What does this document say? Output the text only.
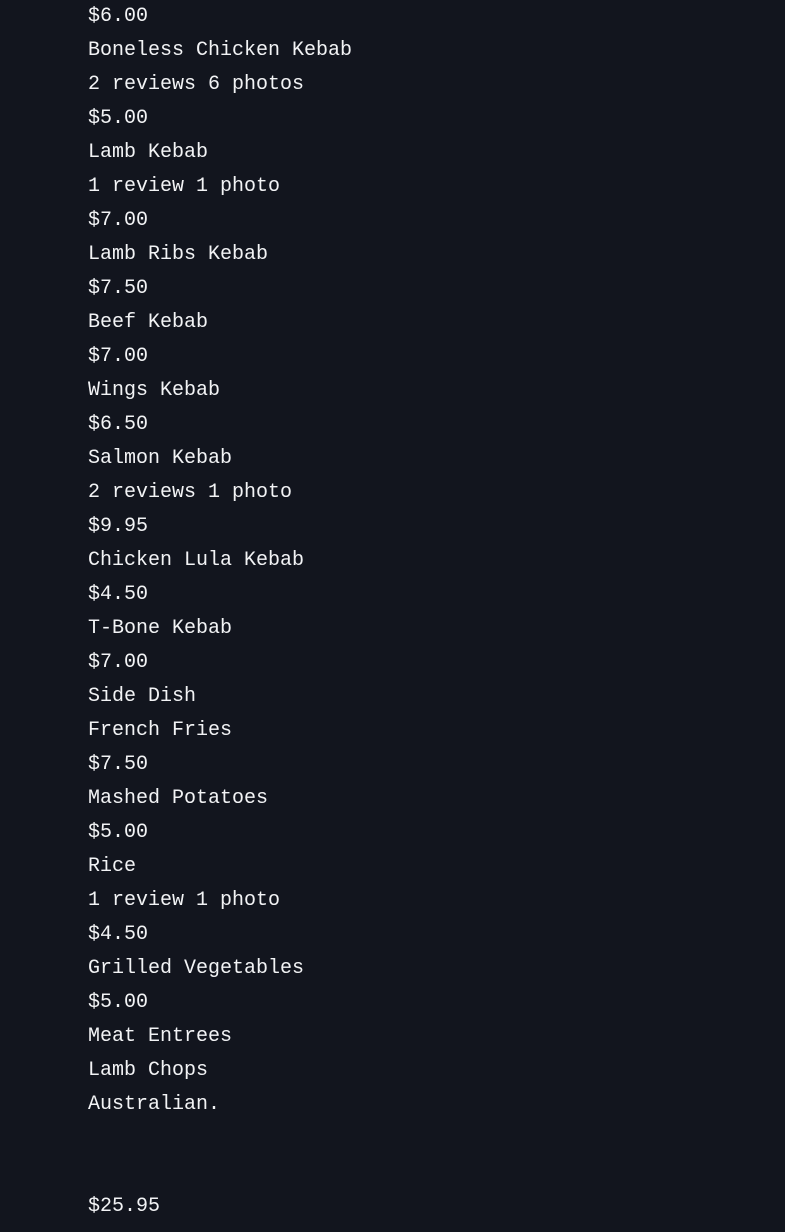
$6.00
Boneless Chicken Kebab
2 reviews 6 photos
$5.00
Lamb Kebab
1 review 1 photo
$7.00
Lamb Ribs Kebab
$7.50
Beef Kebab
$7.00
Wings Kebab
$6.50
Salmon Kebab
2 reviews 1 photo
$9.95
Chicken Lula Kebab
$4.50
T-Bone Kebab
$7.00
Side Dish
French Fries
$7.50
Mashed Potatoes
$5.00
Rice
1 review 1 photo
$4.50
Grilled Vegetables
$5.00
Meat Entrees
Lamb Chops
Australian.
$25.95
